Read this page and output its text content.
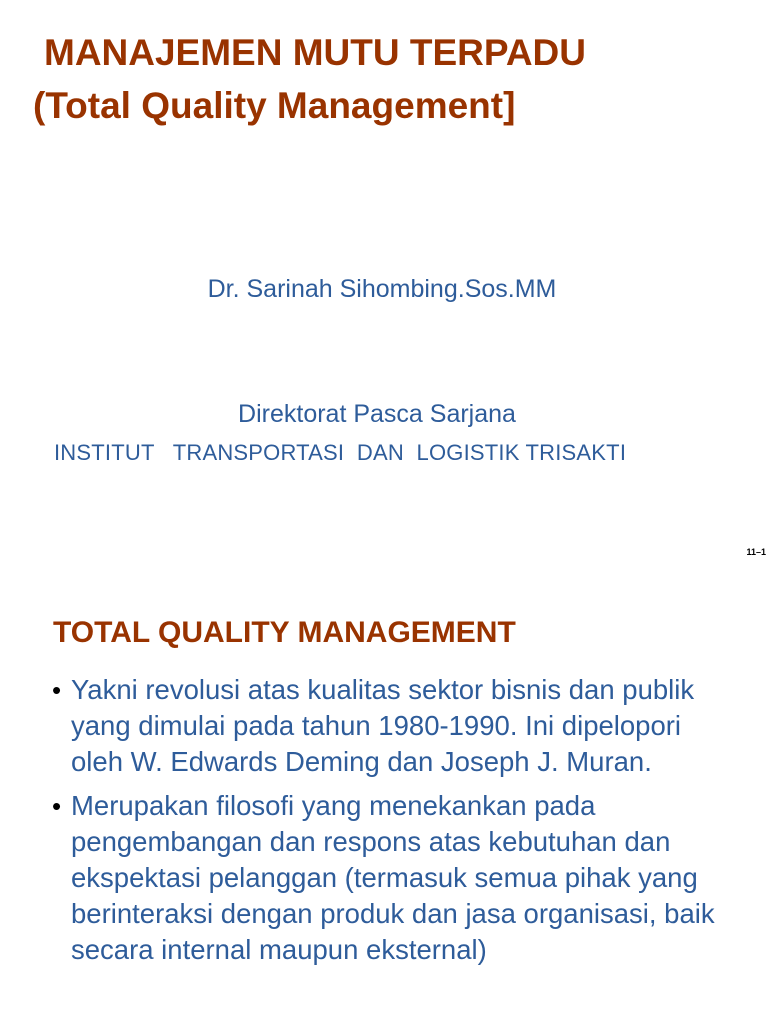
MANAJEMEN MUTU TERPADU
(Total Quality Management]
Dr. Sarinah Sihombing.Sos.MM
Direktorat Pasca Sarjana
INSTITUT   TRANSPORTASI  DAN  LOGISTIK TRISAKTI
11–1
TOTAL QUALITY MANAGEMENT
• Yakni revolusi atas kualitas sektor bisnis dan publik yang dimulai pada tahun 1980-1990. Ini dipelopori oleh W. Edwards Deming dan Joseph J. Muran.
• Merupakan filosofi yang menekankan pada pengembangan dan respons atas kebutuhan dan ekspektasi pelanggan (termasuk semua pihak yang berinteraksi dengan produk dan jasa organisasi, baik secara internal maupun eksternal)
